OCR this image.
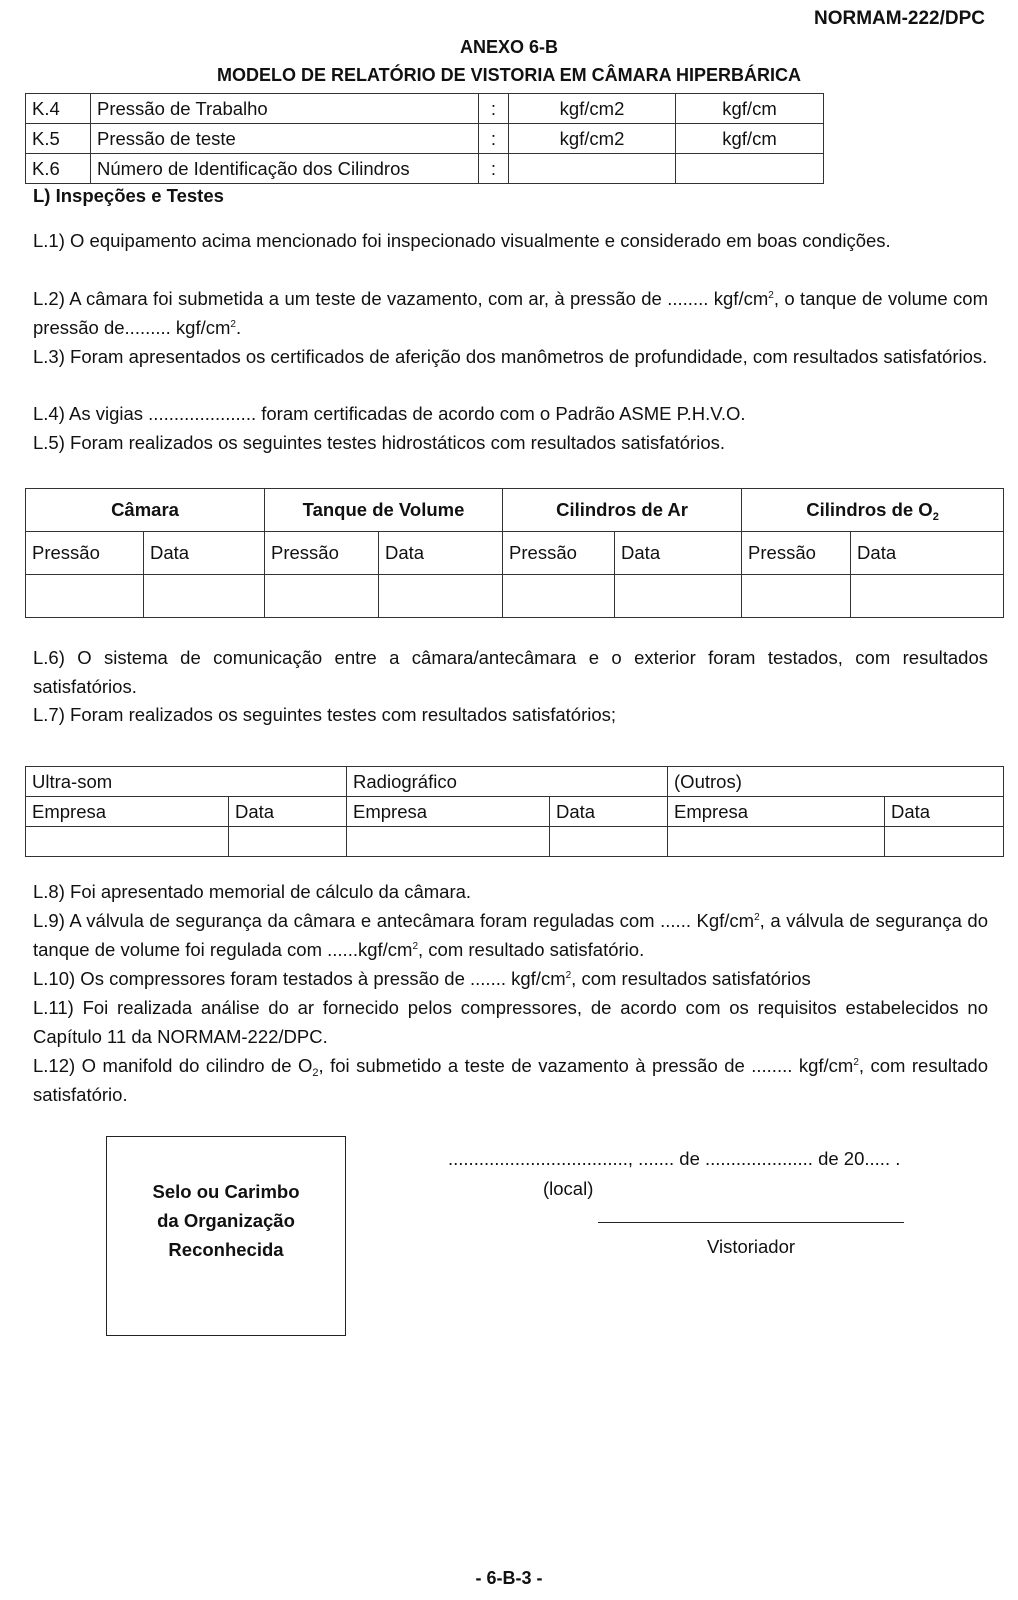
NORMAM-222/DPC
ANEXO 6-B
MODELO DE RELATÓRIO DE VISTORIA EM CÂMARA HIPERBÁRICA
K.4	Pressão de Trabalho	:	kgf/cm2	kgf/cm
K.5	Pressão de teste	:	kgf/cm2	kgf/cm
K.6	Número de Identificação dos Cilindros	:		
L) Inspeções e Testes
L.1) O equipamento acima mencionado foi inspecionado visualmente e considerado em boas condições.
L.2) A câmara foi submetida a um teste de vazamento, com ar, à pressão de ........ kgf/$cm^2$, o tanque de volume com pressão de......... kgf/$cm^2$.
L.3) Foram apresentados os certificados de aferição dos manômetros de profundidade, com resultados satisfatórios.
L.4) As vigias ..................... foram certificadas de acordo com o Padrão ASME P.H.V.O.
L.5) Foram realizados os seguintes testes hidrostáticos com resultados satisfatórios.
Câmara		Tanque de Volume		Cilindros de Ar		Cilindros de $O_2$
Pressão	Data	Pressão	Data	Pressão	Data	Pressão	Data

L.6) O sistema de comunicação entre a câmara/antecâmara e o exterior foram testados, com resultados satisfatórios.
L.7) Foram realizados os seguintes testes com resultados satisfatórios;
Ultra-som		Radiográfico		(Outros)	
Empresa	Data	Empresa	Data	Empresa	Data

L.8) Foi apresentado memorial de cálculo da câmara.
L.9) A válvula de segurança da câmara e antecâmara foram reguladas com ...... Kgf/$cm^2$, a válvula de segurança do tanque de volume foi regulada com $......kgf/cm^2$, com resultado satisfatório.
L.10) Os compressores foram testados à pressão de ....... kgf/$cm^2$, com resultados satisfatórios
L.11) Foi realizada análise do ar fornecido pelos compressores, de acordo com os requisitos estabelecidos no Capítulo 11 da NORMAM-222/DPC.
L.12) O manifold do cilindro de $O_2$, foi submetido a teste de vazamento à pressão de ........ kgf/$cm^2$, com resultado satisfatório.
Selo ou Carimbo
da Organização
Reconhecida
..................................., ....... de ..................... de 20..... .
(local)
Vistoriador
- 6-B-3 -
